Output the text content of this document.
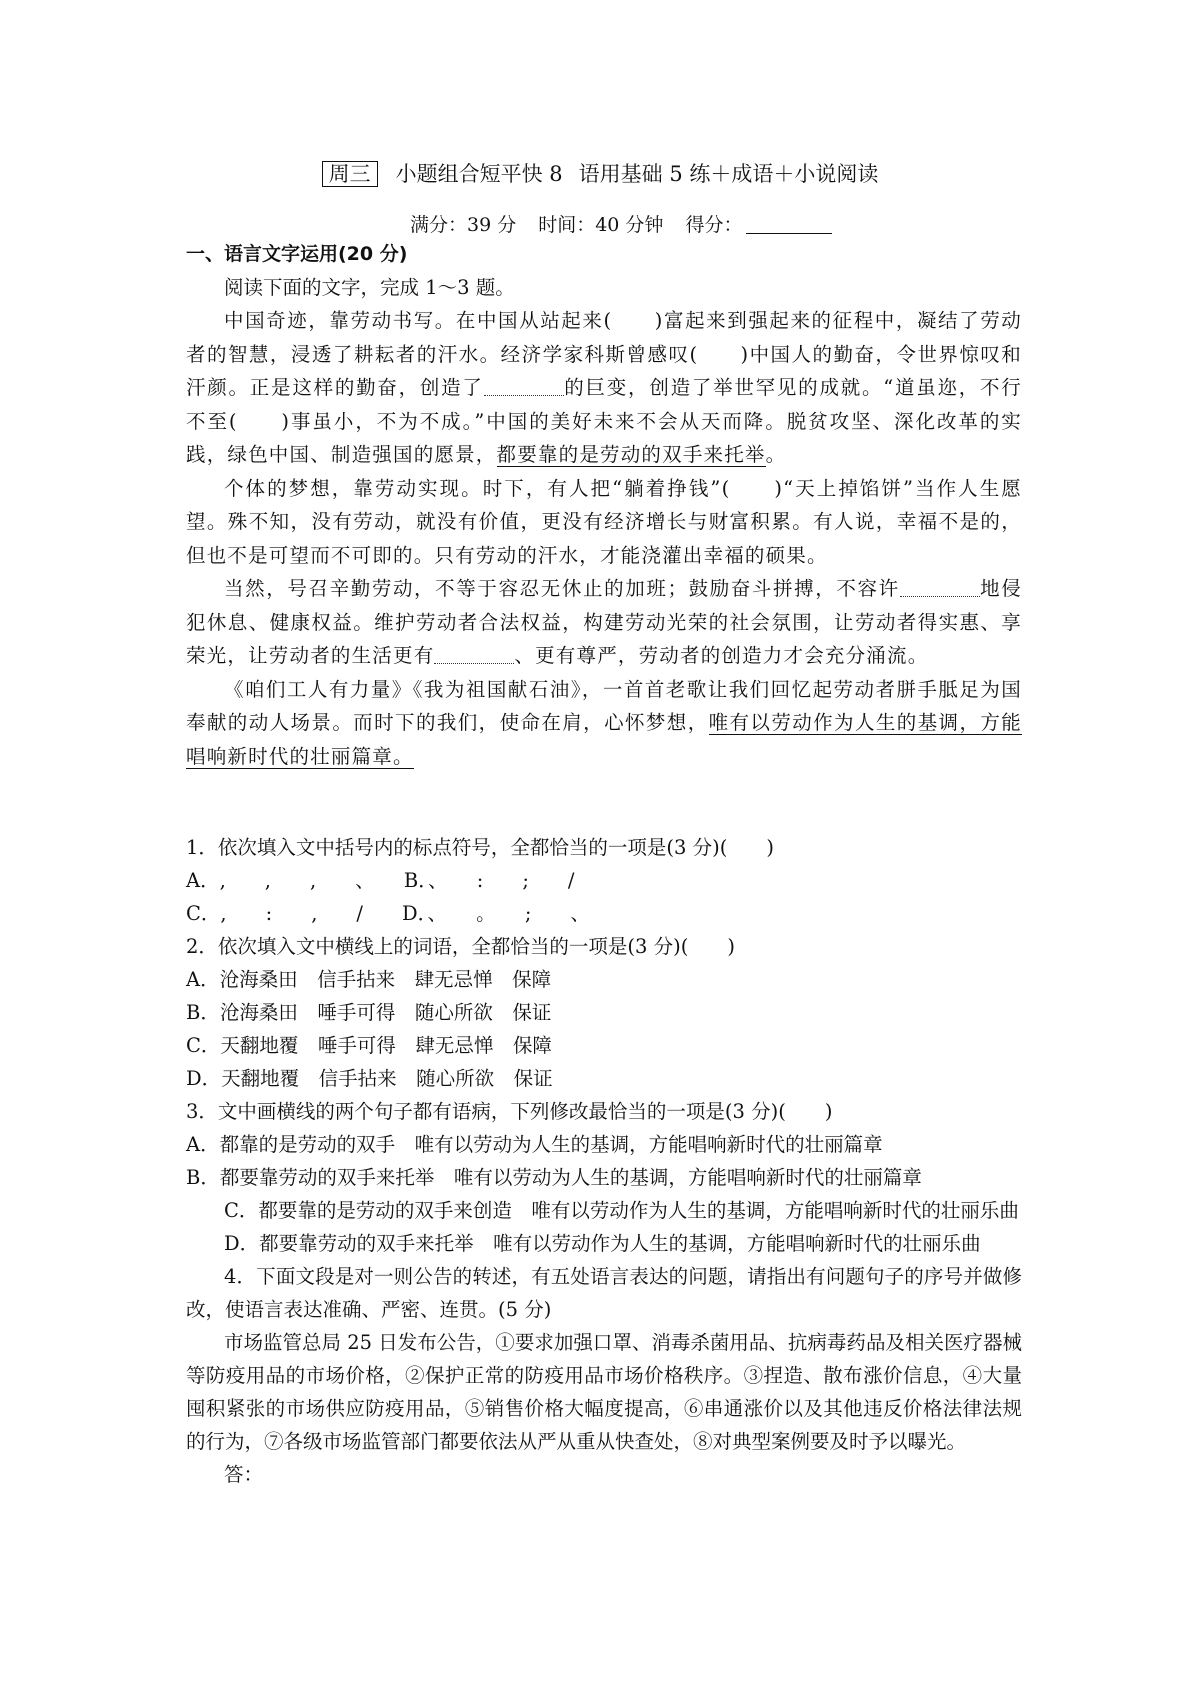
周三 小题组合短平快 8 语用基础 5 练＋成语＋小说阅读
满分：39 分 时间：40 分钟 得分：

一、语言文字运用(20 分)

阅读下面的文字，完成 1～3 题。

中国奇迹，靠劳动书写。在中国从站起来(　　)富起来到强起来的征程中，凝结了劳动者的智慧，浸透了耕耘者的汗水。经济学家科斯曾感叹(　　)中国人的勤奋，令世界惊叹和汗颜。正是这样的勤奋，创造了	的巨变，创造了举世罕见的成就。“道虽迩，不行不至(　　)事虽小，不为不成。”中国的美好未来不会从天而降。脱贫攻坚、深化改革的实践，绿色中国、制造强国的愿景，都要靠的是劳动的双手来托举。

个体的梦想，靠劳动实现。时下，有人把“躺着挣钱”(　　)“天上掉馅饼”当作人生愿望。殊不知，没有劳动，就没有价值，更没有经济增长与财富积累。有人说，幸福不是的，但也不是可望而不可即的。只有劳动的汗水，才能浇灌出幸福的硕果。

当然，号召辛勤劳动，不等于容忍无休止的加班；鼓励奋斗拼搏，不容许	地侵犯休息、健康权益。维护劳动者合法权益，构建劳动光荣的社会氛围，让劳动者得实惠、享荣光，让劳动者的生活更有	、更有尊严，劳动者的创造力才会充分涌流。

《咱们工人有力量》《我为祖国献石油》，一首首老歌让我们回忆起劳动者胼手胝足为国奉献的动人场景。而时下的我们，使命在肩，心怀梦想，唯有以劳动作为人生的基调，方能唱响新时代的壮丽篇章。

1．依次填入文中括号内的标点符号，全都恰当的一项是(3 分)(　　)

A．,　　,　　,　　、　　B．、　　:　　;　　/

C．,　　:　　,　　/　　D．、　　。　　;　　、

2．依次填入文中横线上的词语，全都恰当的一项是(3 分)(　　)

A．沧海桑田　信手拈来　肆无忌惮　保障

B．沧海桑田　唾手可得　随心所欲　保证

C．天翻地覆　唾手可得　肆无忌惮　保障

D．天翻地覆　信手拈来　随心所欲　保证

3．文中画横线的两个句子都有语病，下列修改最恰当的一项是(3 分)(　　)

A．都靠的是劳动的双手　唯有以劳动为人生的基调，方能唱响新时代的壮丽篇章

B．都要靠劳动的双手来托举　唯有以劳动为人生的基调，方能唱响新时代的壮丽篇章

C．都要靠的是劳动的双手来创造　唯有以劳动作为人生的基调，方能唱响新时代的壮丽乐曲

D．都要靠劳动的双手来托举　唯有以劳动作为人生的基调，方能唱响新时代的壮丽乐曲

4．下面文段是对一则公告的转述，有五处语言表达的问题，请指出有问题句子的序号并做修改，使语言表达准确、严密、连贯。(5 分)

市场监管总局 25 日发布公告，①要求加强口罩、消毒杀菌用品、抗病毒药品及相关医疗器械等防疫用品的市场价格，②保护正常的防疫用品市场价格秩序。③捏造、散布涨价信息，④大量囤积紧张的市场供应防疫用品，⑤销售价格大幅度提高，⑥串通涨价以及其他违反价格法律法规的行为，⑦各级市场监管部门都要依法从严从重从快查处，⑧对典型案例要及时予以曝光。

答：
